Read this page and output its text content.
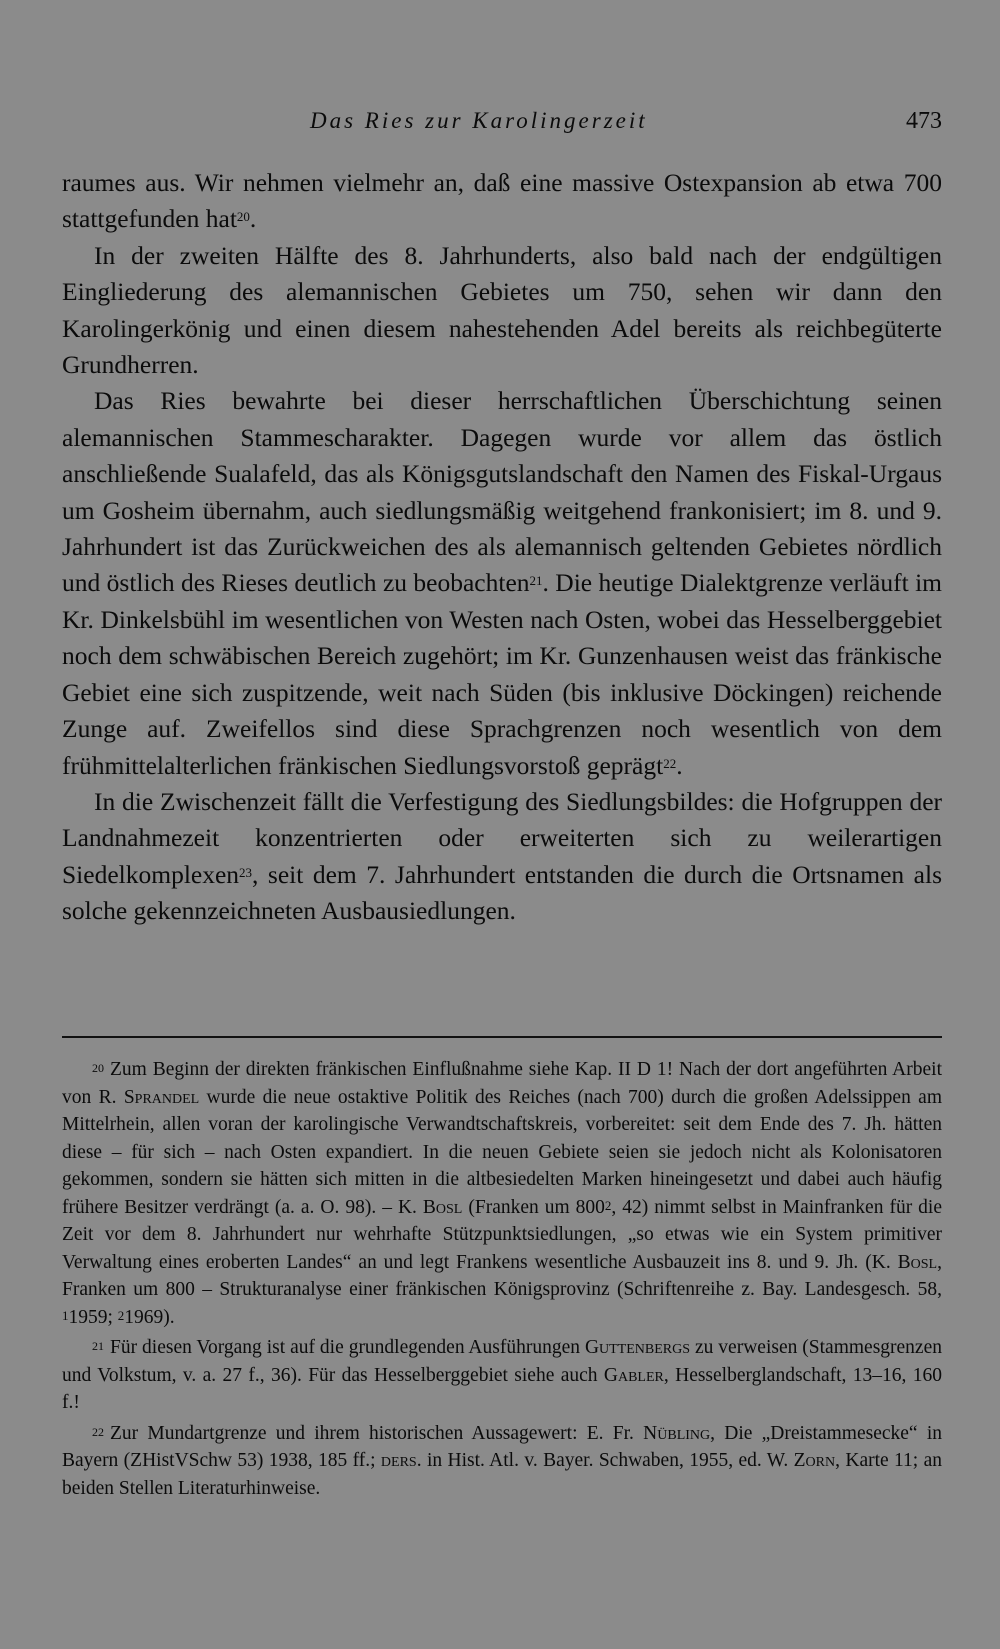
Das Ries zur Karolingerzeit	473

raumes aus. Wir nehmen vielmehr an, daß eine massive Ostexpansion ab etwa 700 stattgefunden hat$^{20}$.

In der zweiten Hälfte des 8. Jahrhunderts, also bald nach der endgültigen Eingliederung des alemannischen Gebietes um 750, sehen wir dann den Karolingerkönig und einen diesem nahestehenden Adel bereits als reichbegüterte Grundherren.

Das Ries bewahrte bei dieser herrschaftlichen Überschichtung seinen alemannischen Stammescharakter. Dagegen wurde vor allem das östlich anschließende Sualafeld, das als Königsgutslandschaft den Namen des Fiskal-Urgaus um Gosheim übernahm, auch siedlungsmäßig weitgehend frankonisiert; im 8. und 9. Jahrhundert ist das Zurückweichen des als alemannisch geltenden Gebietes nördlich und östlich des Rieses deutlich zu beobachten$^{21}$. Die heutige Dialektgrenze verläuft im Kr. Dinkelsbühl im wesentlichen von Westen nach Osten, wobei das Hesselberggebiet noch dem schwäbischen Bereich zugehört; im Kr. Gunzenhausen weist das fränkische Gebiet eine sich zuspitzende, weit nach Süden (bis inklusive Döckingen) reichende Zunge auf. Zweifellos sind diese Sprachgrenzen noch wesentlich von dem frühmittelalterlichen fränkischen Siedlungsvorstoß geprägt$^{22}$.

In die Zwischenzeit fällt die Verfestigung des Siedlungsbildes: die Hofgruppen der Landnahmezeit konzentrierten oder erweiterten sich zu weilerartigen Siedelkomplexen$^{23}$, seit dem 7. Jahrhundert entstanden die durch die Ortsnamen als solche gekennzeichneten Ausbausiedlungen.

$^{20}$ Zum Beginn der direkten fränkischen Einflußnahme siehe Kap. II D 1! Nach der dort angeführten Arbeit von R. Sprandel wurde die neue ostaktive Politik des Reiches (nach 700) durch die großen Adelssippen am Mittelrhein, allen voran der karolingische Verwandtschaftskreis, vorbereitet: seit dem Ende des 7. Jh. hätten diese – für sich – nach Osten expandiert. In die neuen Gebiete seien sie jedoch nicht als Kolonisatoren gekommen, sondern sie hätten sich mitten in die altbesiedelten Marken hineingesetzt und dabei auch häufig frühere Besitzer verdrängt (a. a. O. 98). – K. Bosl (Franken um $800^2$, 42) nimmt selbst in Mainfranken für die Zeit vor dem 8. Jahrhundert nur wehrhafte Stützpunktsiedlungen, „so etwas wie ein System primitiver Verwaltung eines eroberten Landes“ an und legt Frankens wesentliche Ausbauzeit ins 8. und 9. Jh. (K. Bosl, Franken um 800 – Strukturanalyse einer fränkischen Königsprovinz (Schriftenreihe z. Bay. Landesgesch. 58, $^1$1959; $^2$1969).

$^{21}$ Für diesen Vorgang ist auf die grundlegenden Ausführungen Guttenbergs zu verweisen (Stammesgrenzen und Volkstum, v. a. 27 f., 36). Für das Hesselberggebiet siehe auch Gabler, Hesselberglandschaft, 13–16, 160 f.!

$^{22}$ Zur Mundartgrenze und ihrem historischen Aussagewert: E. Fr. Nübling, Die „Dreistammesecke“ in Bayern (ZHistVSchw 53) 1938, 185 ff.; ders. in Hist. Atl. v. Bayer. Schwaben, 1955, ed. W. Zorn, Karte 11; an beiden Stellen Literaturhinweise.
